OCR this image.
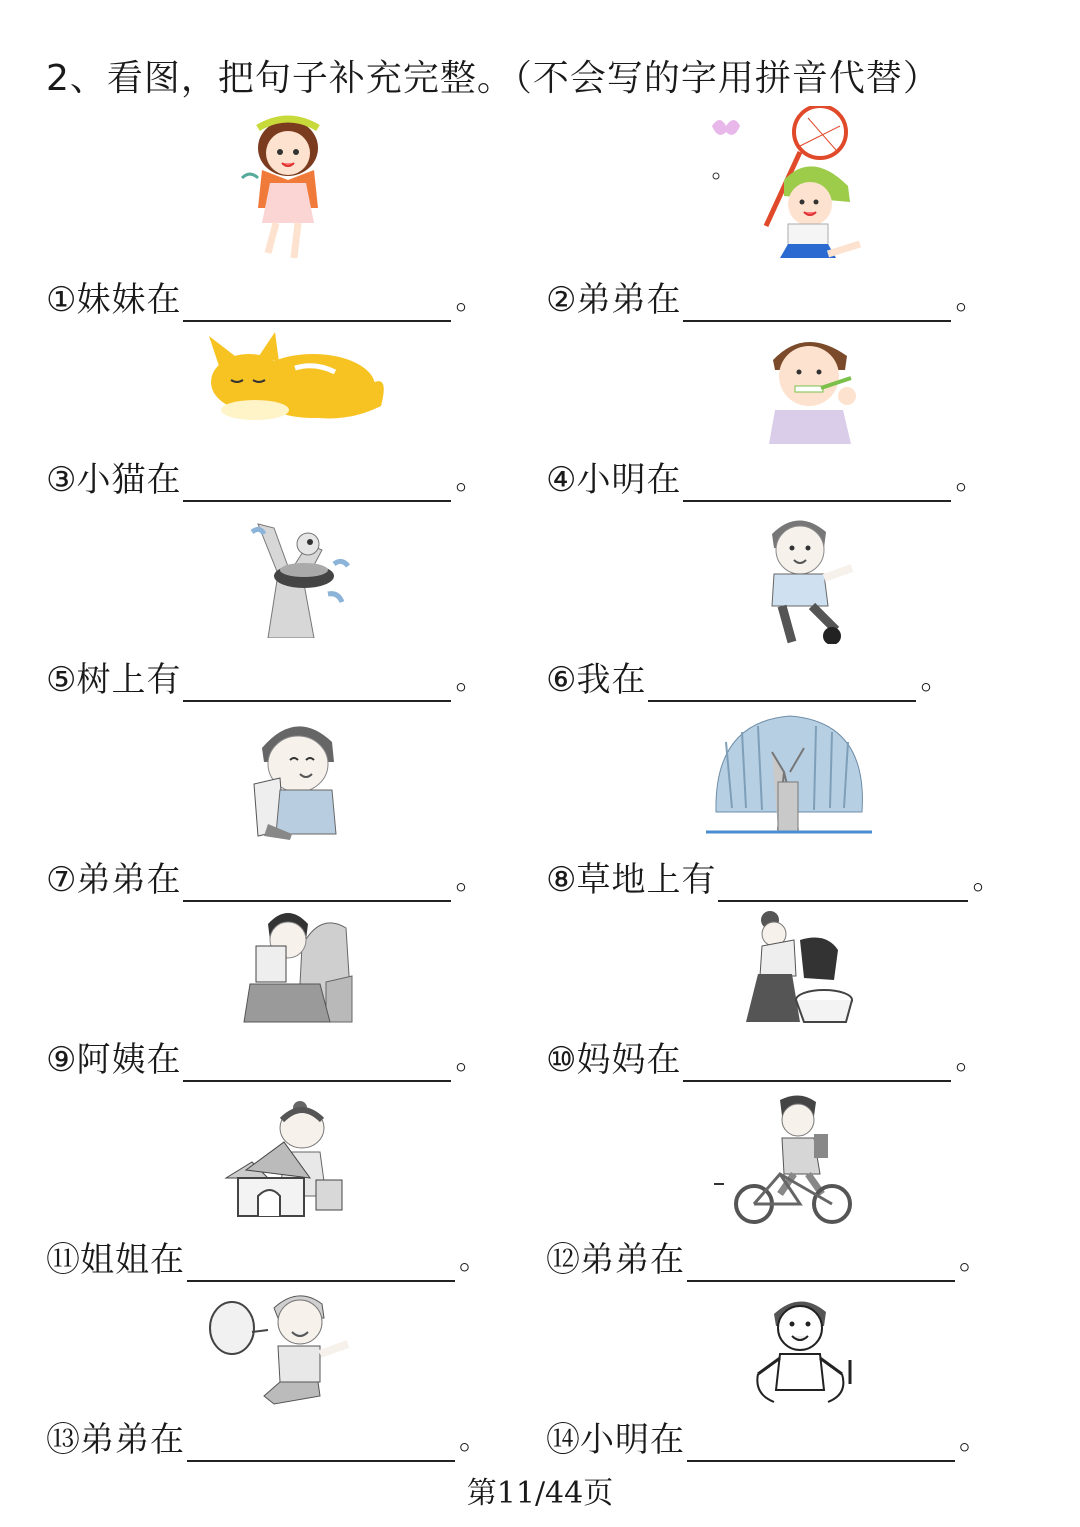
2、看图，把句子补充完整。（不会写的字用拼音代替）
① 妹妹在	。 ② 弟弟在	。
③ 小猫在	。 ④ 小明在	。
⑤ 树上有	。 ⑥ 我在	。
⑦ 弟弟在	。 ⑧ 草地上有	。
⑨ 阿姨在	。 ⑩ 妈妈在	。
⑪ 姐姐在	。 ⑫ 弟弟在	。
⑬ 弟弟在	。 ⑭ 小明在	。
第11/44页
